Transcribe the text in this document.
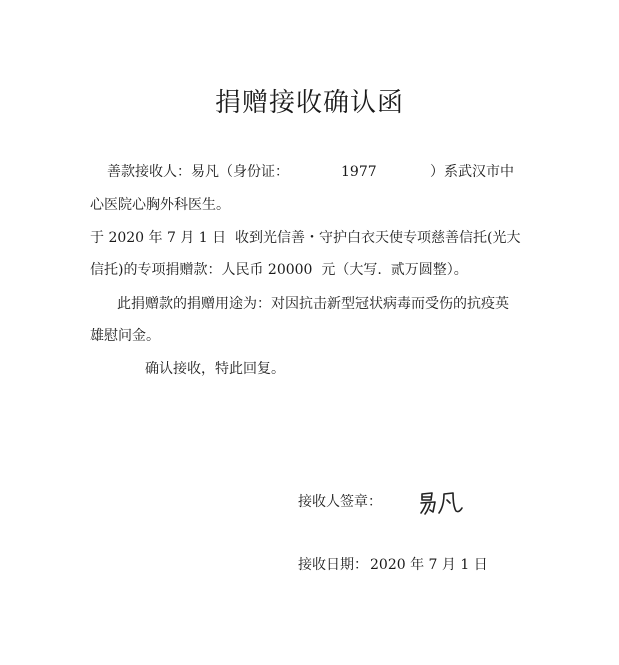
捐赠接收确认函
善款接收人：易凡（身份证：	1977	）系武汉市中
心医院心胸外科医生。
于 2020 年 7 月 1 日  收到光信善・守护白衣天使专项慈善信托(光大
信托)的专项捐赠款：人民币 20000  元（大写.  贰万圆整）。
此捐赠款的捐赠用途为：对因抗击新型冠状病毒而受伤的抗疫英
雄慰问金。
确认接收，特此回复。
接收人签章：
接收日期： 2020 年 7 月 1 日
